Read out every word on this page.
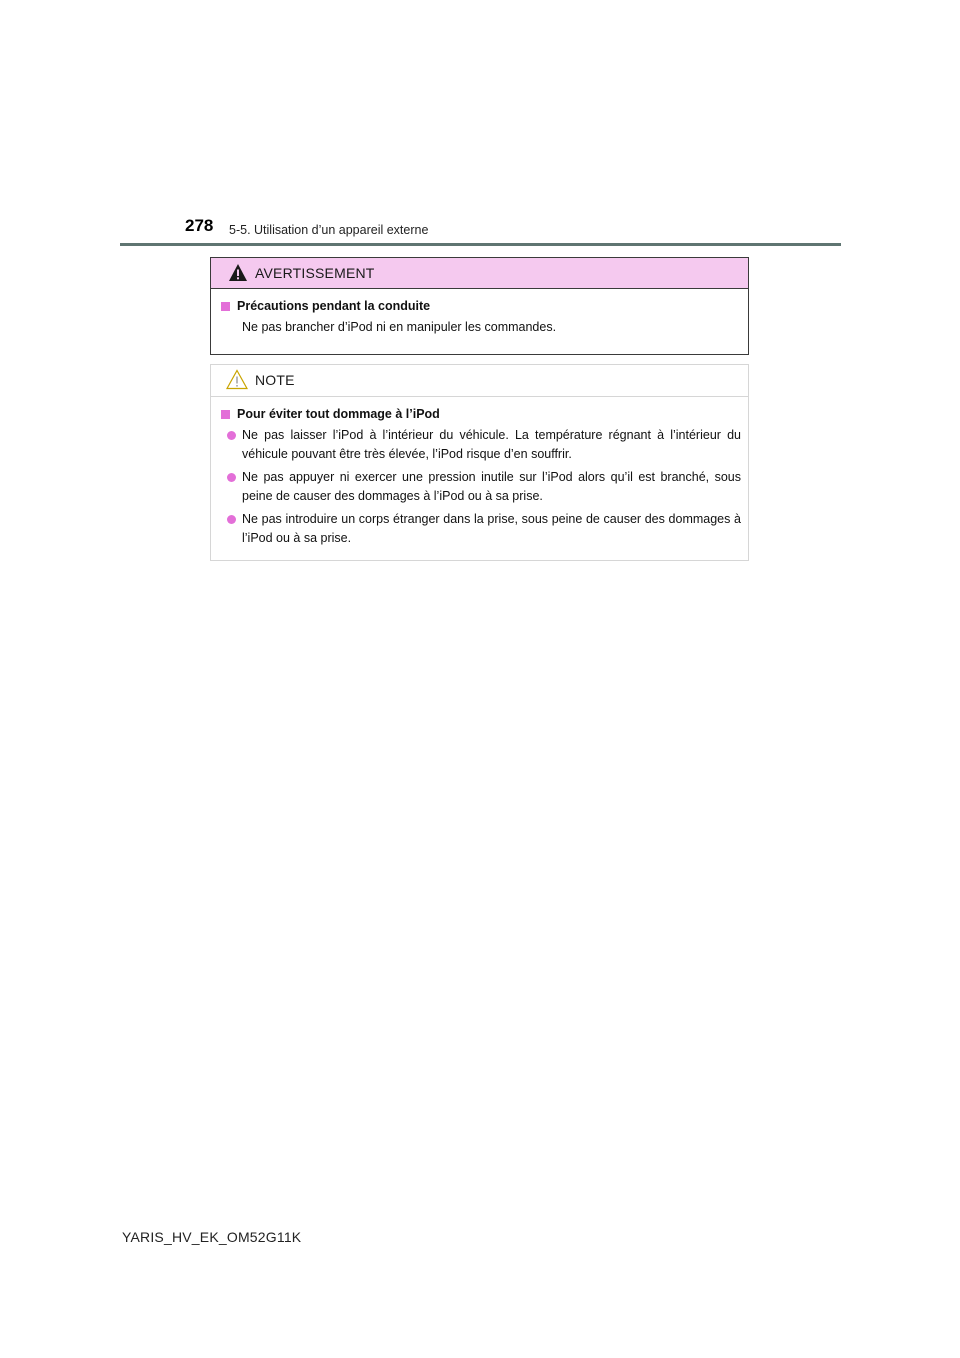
278 5-5. Utilisation d’un appareil externe
AVERTISSEMENT
Précautions pendant la conduite
Ne pas brancher d’iPod ni en manipuler les commandes.
NOTE
Pour éviter tout dommage à l’iPod
Ne pas laisser l’iPod à l’intérieur du véhicule. La température régnant à l’intérieur du véhicule pouvant être très élevée, l’iPod risque d’en souffrir.
Ne pas appuyer ni exercer une pression inutile sur l’iPod alors qu’il est branché, sous peine de causer des dommages à l’iPod ou à sa prise.
Ne pas introduire un corps étranger dans la prise, sous peine de causer des dommages à l’iPod ou à sa prise.
YARIS_HV_EK_OM52G11K
